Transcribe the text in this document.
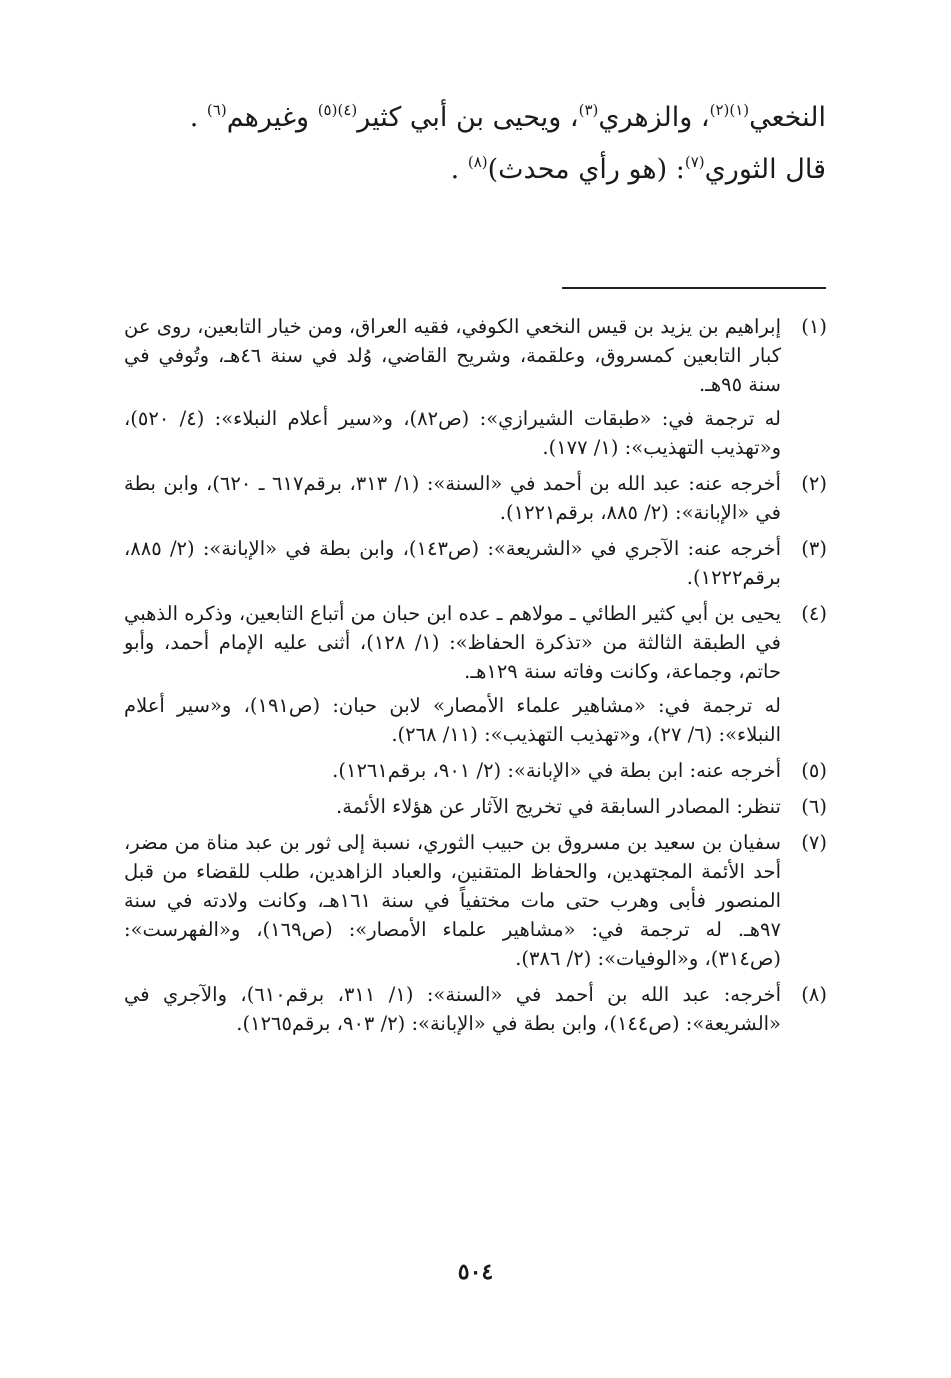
النخعي$^{(١)(٢)}$، والزهري$^{(٣)}$، ويحيى بن أبي كثير$^{(٤)(٥)}$ وغيرهم$^{(٦)}$ .
قال الثوري$^{(٧)}$: (هو رأي محدث)$^{(٨)}$ .
(١)

إبراهيم بن يزيد بن قيس النخعي الكوفي، فقيه العراق، ومن خيار التابعين، روى عن كبار التابعين كمسروق، وعلقمة، وشريح القاضي، وُلد في سنة ٤٦هـ، وتُوفي في سنة ٩٥هـ.

له ترجمة في: «طبقات الشيرازي»: (ص٨٢)، و«سير أعلام النبلاء»: (٤/ ٥٢٠)، و«تهذيب التهذيب»: (١/ ١٧٧).

(٢)

أخرجه عنه: عبد الله بن أحمد في «السنة»: (١/ ٣١٣، برقم٦١٧ ـ ٦٢٠)، وابن بطة في «الإبانة»: (٢/ ٨٨٥، برقم١٢٢١).

(٣)

أخرجه عنه: الآجري في «الشريعة»: (ص١٤٣)، وابن بطة في «الإبانة»: (٢/ ٨٨٥، برقم١٢٢٢).

(٤)

يحيى بن أبي كثير الطائي ـ مولاهم ـ عده ابن حبان من أتباع التابعين، وذكره الذهبي في الطبقة الثالثة من «تذكرة الحفاظ»: (١/ ١٢٨)، أثنى عليه الإمام أحمد، وأبو حاتم، وجماعة، وكانت وفاته سنة ١٢٩هـ.

له ترجمة في: «مشاهير علماء الأمصار» لابن حبان: (ص١٩١)، و«سير أعلام النبلاء»: (٦/ ٢٧)، و«تهذيب التهذيب»: (١١/ ٢٦٨).

(٥)

أخرجه عنه: ابن بطة في «الإبانة»: (٢/ ٩٠١، برقم١٢٦١).

(٦)

تنظر: المصادر السابقة في تخريج الآثار عن هؤلاء الأئمة.

(٧)

سفيان بن سعيد بن مسروق بن حبيب الثوري، نسبة إلى ثور بن عبد مناة من مضر، أحد الأئمة المجتهدين، والحفاظ المتقنين، والعباد الزاهدين، طلب للقضاء من قبل المنصور فأبى وهرب حتى مات مختفياً في سنة ١٦١هـ، وكانت ولادته في سنة ٩٧هـ. له ترجمة في: «مشاهير علماء الأمصار»: (ص١٦٩)، و«الفهرست»: (ص٣١٤)، و«الوفيات»: (٢/ ٣٨٦).

(٨)

أخرجه: عبد الله بن أحمد في «السنة»: (١/ ٣١١، برقم٦١٠)، والآجري في «الشريعة»: (ص١٤٤)، وابن بطة في «الإبانة»: (٢/ ٩٠٣، برقم١٢٦٥).

٥٠٤
